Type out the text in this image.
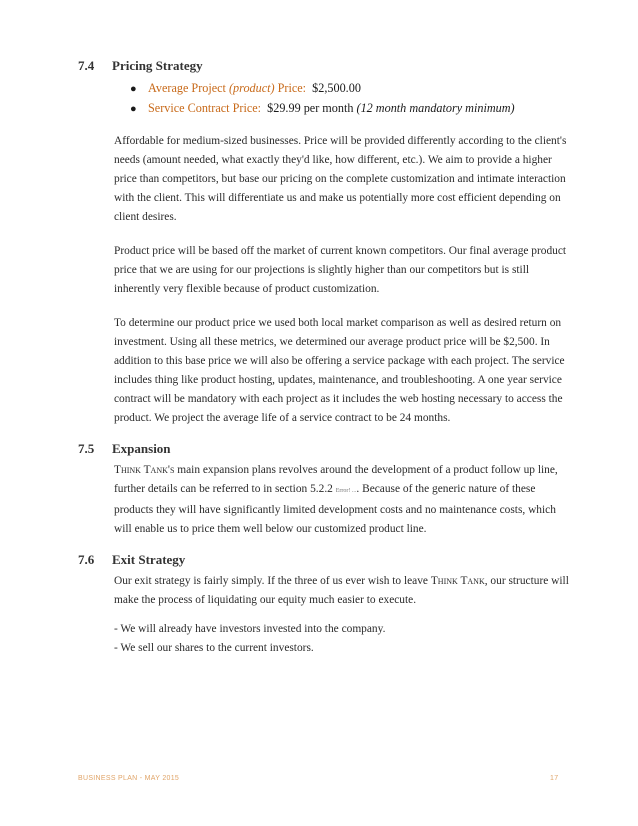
7.4 Pricing Strategy
● Average Project (product) Price: $2,500.00
● Service Contract Price: $29.99 per month (12 month mandatory minimum)

Affordable for medium-sized businesses. Price will be provided differently according to the client's needs (amount needed, what exactly they'd like, how different, etc.). We aim to provide a higher price than competitors, but base our pricing on the complete customization and intimate interaction with the client. This will differentiate us and make us potentially more cost efficient depending on client desires.

Product price will be based off the market of current known competitors. Our final average product price that we are using for our projections is slightly higher than our competitors but is still inherently very flexible because of product customization.

To determine our product price we used both local market comparison as well as desired return on investment. Using all these metrics, we determined our average product price will be $2,500. In addition to this base price we will also be offering a service package with each project. The service includes thing like product hosting, updates, maintenance, and troubleshooting. A one year service contract will be mandatory with each project as it includes the web hosting necessary to access the product. We project the average life of a service contract to be 24 months.

7.5 Expansion

Think Tank's main expansion plans revolves around the development of a product follow up line, further details can be referred to in section 5.2.2 Error! .... Because of the generic nature of these products they will have significantly limited development costs and no maintenance costs, which will enable us to price them well below our customized product line.

7.6 Exit Strategy

Our exit strategy is fairly simply. If the three of us ever wish to leave Think Tank, our structure will make the process of liquidating our equity much easier to execute.

- We will already have investors invested into the company.

- We sell our shares to the current investors.

BUSINESS PLAN - MAY 2015	17
